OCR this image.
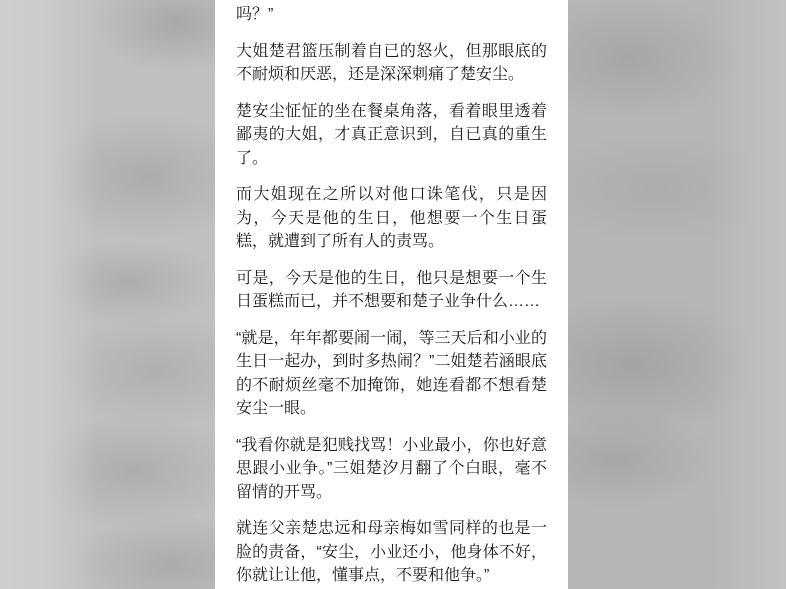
吗？”

大姐楚君篮压制着自已的怒火，但那眼底的不耐烦和厌恶，还是深深刺痛了楚安尘。

楚安尘怔怔的坐在餐桌角落，看着眼里透着鄙夷的大姐，才真正意识到，自已真的重生了。

而大姐现在之所以对他口诛笔伐，只是因为，今天是他的生日，他想要一个生日蛋糕，就遭到了所有人的责骂。

可是，今天是他的生日，他只是想要一个生日蛋糕而已，并不想要和楚子业争什么……

“就是，年年都要闹一闹，等三天后和小业的生日一起办，到时多热闹？”二姐楚若涵眼底的不耐烦丝毫不加掩饰，她连看都不想看楚安尘一眼。

“我看你就是犯贱找骂！小业最小，你也好意思跟小业争。”三姐楚汐月翻了个白眼，毫不留情的开骂。

就连父亲楚忠远和母亲梅如雪同样的也是一脸的责备，“安尘，小业还小，他身体不好，你就让让他，懂事点，不要和他争。”
